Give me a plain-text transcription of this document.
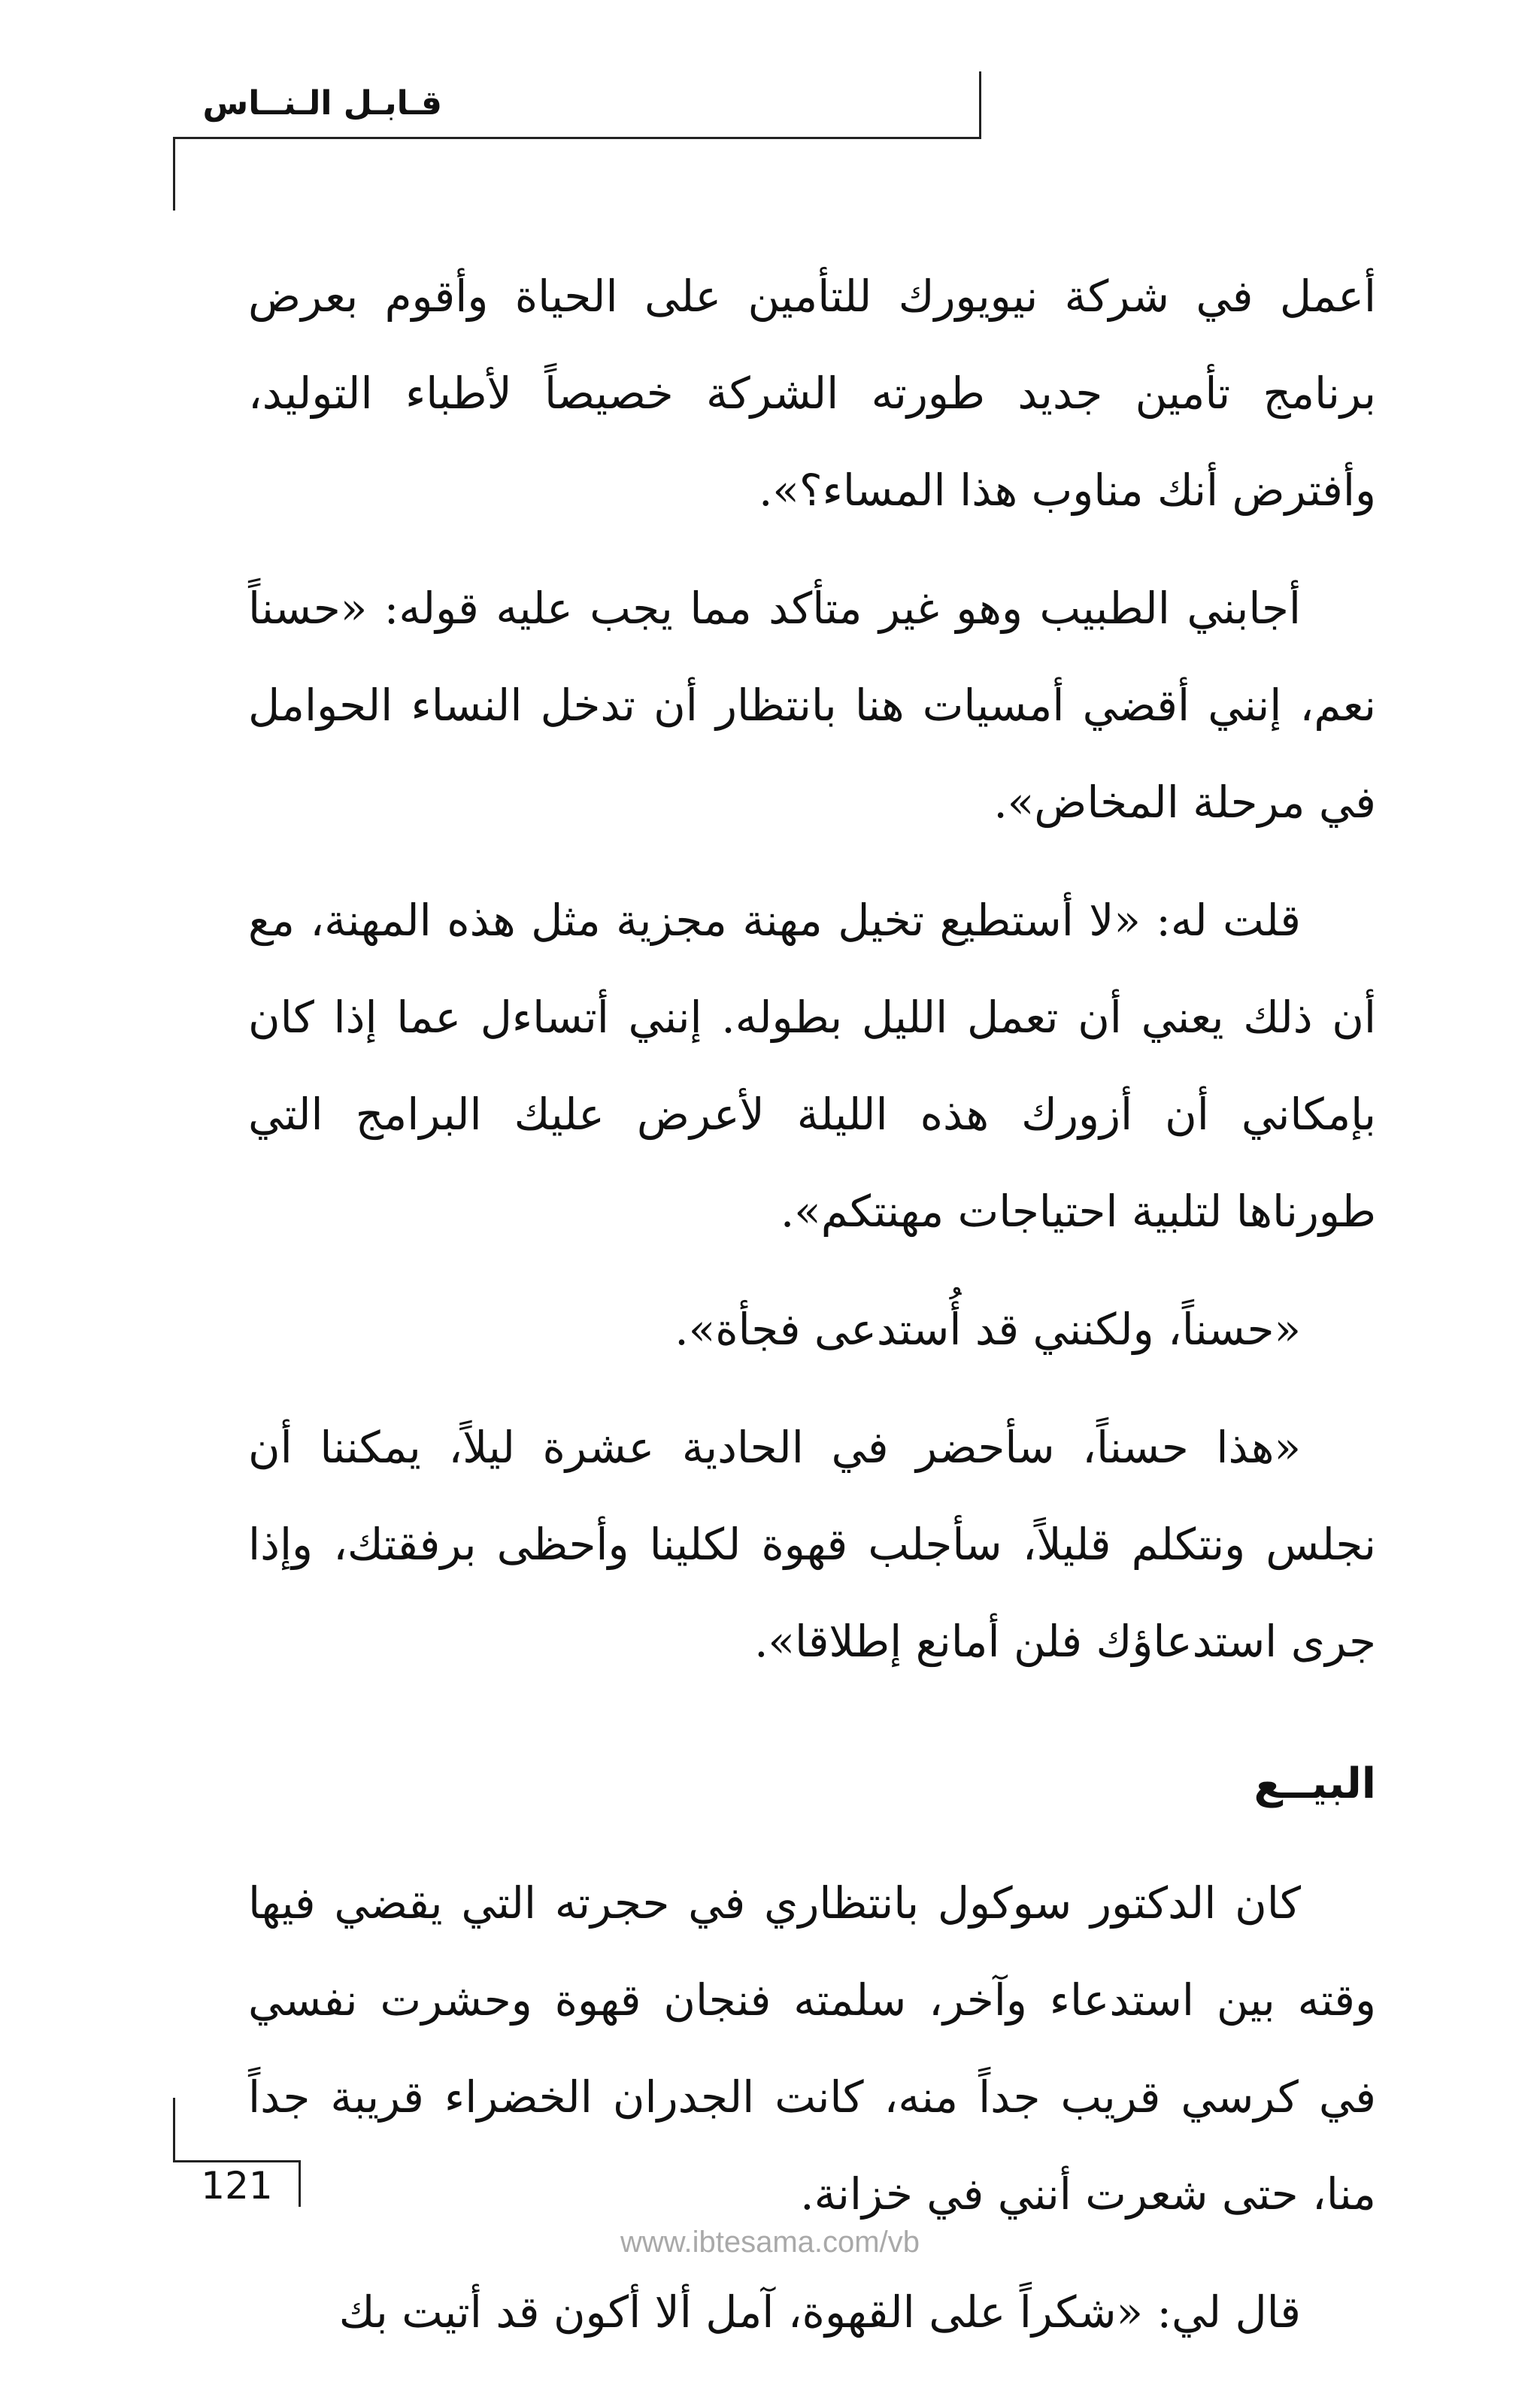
قـابـل الـنــاس

أعمل في شركة نيويورك للتأمين على الحياة وأقوم بعرض برنامج تأمين جديد طورته الشركة خصيصاً لأطباء التوليد، وأفترض أنك مناوب هذا المساء؟».

أجابني الطبيب وهو غير متأكد مما يجب عليه قوله: «حسناً نعم، إنني أقضي أمسيات هنا بانتظار أن تدخل النساء الحوامل في مرحلة المخاض».

قلت له: «لا أستطيع تخيل مهنة مجزية مثل هذه المهنة، مع أن ذلك يعني أن تعمل الليل بطوله. إنني أتساءل عما إذا كان بإمكاني أن أزورك هذه الليلة لأعرض عليك البرامج التي طورناها لتلبية احتياجات مهنتكم».

«حسناً، ولكنني قد أُستدعى فجأة».

«هذا حسناً، سأحضر في الحادية عشرة ليلاً، يمكننا أن نجلس ونتكلم قليلاً، سأجلب قهوة لكلينا وأحظى برفقتك، وإذا جرى استدعاؤك فلن أمانع إطلاقا».

البيــع

كان الدكتور سوكول بانتظاري في حجرته التي يقضي فيها وقته بين استدعاء وآخر، سلمته فنجان قهوة وحشرت نفسي في كرسي قريب جداً منه، كانت الجدران الخضراء قريبة جداً منا، حتى شعرت أنني في خزانة.

قال لي: «شكراً على القهوة، آمل ألا أكون قد أتيت بك

121
www.ibtesama.com/vb
